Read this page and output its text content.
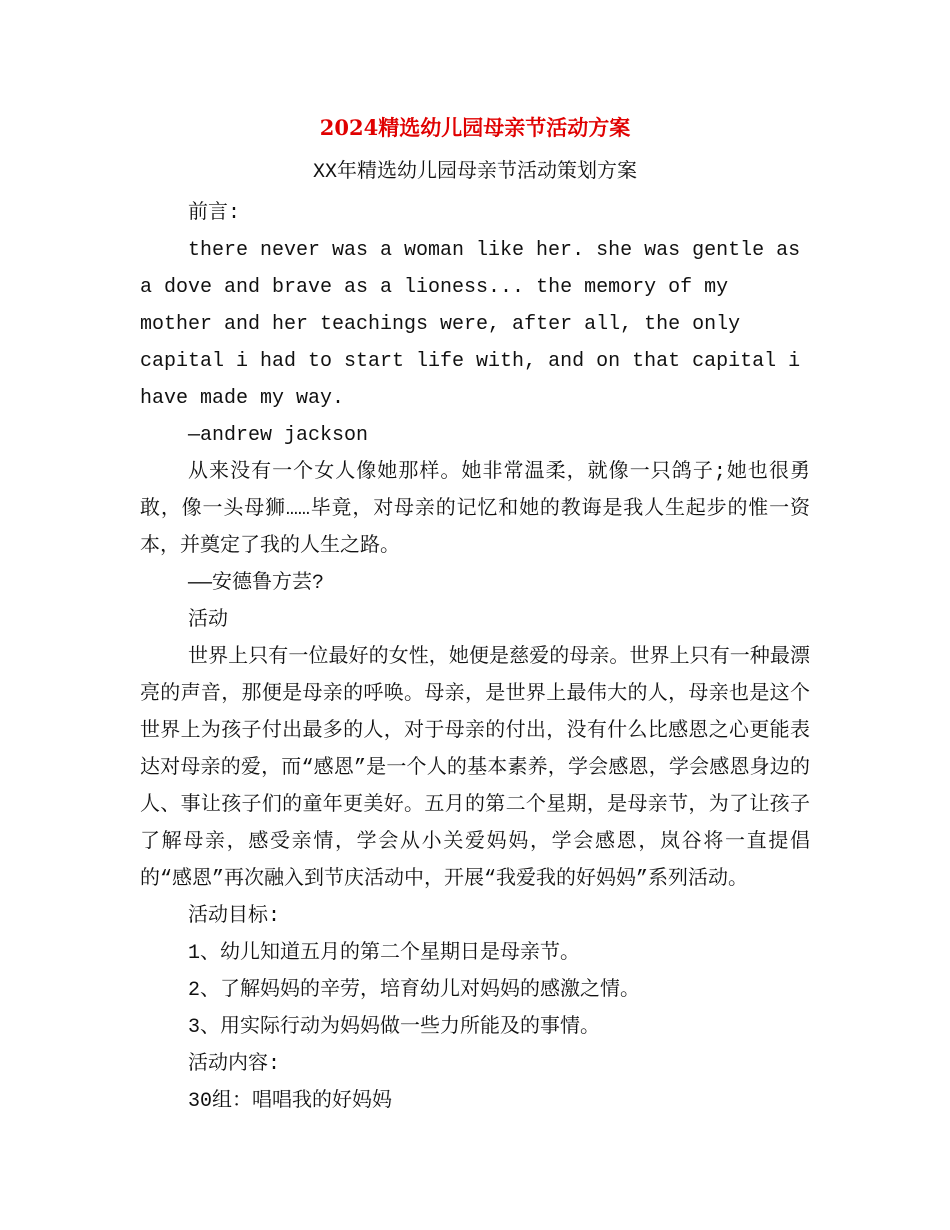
2024精选幼儿园母亲节活动方案
XX年精选幼儿园母亲节活动策划方案

前言:

there never was a woman like her. she was gentle as a dove and brave as a lioness... the memory of my mother and her teachings were, after all, the only capital i had to start life with, and on that capital i have made my way.

—andrew jackson

从来没有一个女人像她那样。她非常温柔，就像一只鸽子;她也很勇敢，像一头母狮……毕竟，对母亲的记忆和她的教诲是我人生起步的惟一资本，并奠定了我的人生之路。

——安德鲁方芸?

活动

世界上只有一位最好的女性，她便是慈爱的母亲。世界上只有一种最漂亮的声音，那便是母亲的呼唤。母亲，是世界上最伟大的人，母亲也是这个世界上为孩子付出最多的人，对于母亲的付出，没有什么比感恩之心更能表达对母亲的爱，而“感恩”是一个人的基本素养，学会感恩，学会感恩身边的人、事让孩子们的童年更美好。五月的第二个星期，是母亲节，为了让孩子了解母亲，感受亲情，学会从小关爱妈妈，学会感恩，岚谷将一直提倡的“感恩”再次融入到节庆活动中，开展“我爱我的好妈妈”系列活动。

活动目标:

1、幼儿知道五月的第二个星期日是母亲节。

2、了解妈妈的辛劳，培育幼儿对妈妈的感激之情。

3、用实际行动为妈妈做一些力所能及的事情。

活动内容:

30组：唱唱我的好妈妈
